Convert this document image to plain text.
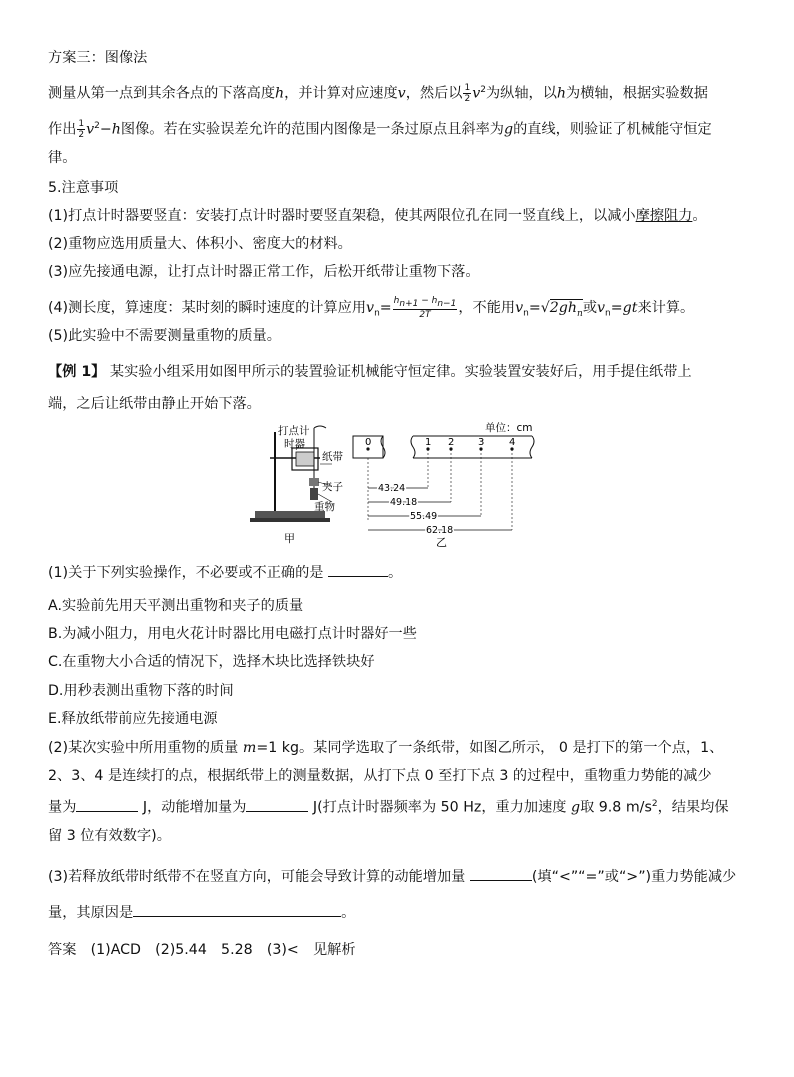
方案三：图像法
测量从第一点到其余各点的下落高度h，并计算对应速度v，然后以 $\frac{1}{2} v^2$为纵轴，以h为横轴，根据实验数据
作出 $\frac{1}{2} v^2-h$图像。若在实验误差允许的范围内图像是一条过原点且斜率为g的直线，则验证了机械能守恒定
律。
5.注意事项
(1)打点计时器要竖直：安装打点计时器时要竖直架稳，使其两限位孔在同一竖直线上，以减小摩擦阻力。
(2)重物应选用质量大、体积小、密度大的材料。
(3)应先接通电源，让打点计时器正常工作，后松开纸带让重物下落。
(4)测长度，算速度：某时刻的瞬时速度的计算应用$v_n= \frac{hn+1 - hn-1}{2T}$，不能用$v_n=√2gh_n$或$v_n=gt$来计算。
(5)此实验中不需要测量重物的质量。
【例 1】 某实验小组采用如图甲所示的装置验证机械能守恒定律。实验装置安装好后，用手提住纸带上
端，之后让纸带由静止开始下落。
打点计
时器
纸带
夹子
重物
甲
单位：cm
0	1 2 3 4
43.24
49.18
55.49
62.18
乙
(1)关于下列实验操作，不必要或不正确的是	。
A.实验前先用天平测出重物和夹子的质量
B.为减小阻力，用电火花计时器比用电磁打点计时器好一些
C.在重物大小合适的情况下，选择木块比选择铁块好
D.用秒表测出重物下落的时间
E.释放纸带前应先接通电源
(2)某次实验中所用重物的质量 m=1 kg。某同学选取了一条纸带，如图乙所示， 0 是打下的第一个点，1、
2、3、4 是连续打的点，根据纸带上的测量数据，从打下点 0 至打下点 3 的过程中，重物重力势能的减少
量为	J，动能增加量为	J(打点计时器频率为 50 Hz，重力加速度 g取 9.8 $m/s^2$，结果均保
留 3 位有效数字)。
(3)若释放纸带时纸带不在竖直方向，可能会导致计算的动能增加量	(填“<”“=”或“>”)重力势能减少
量，其原因是	。
答案　 (1)ACD　(2)5.44　5.28　(3)<　见解析
